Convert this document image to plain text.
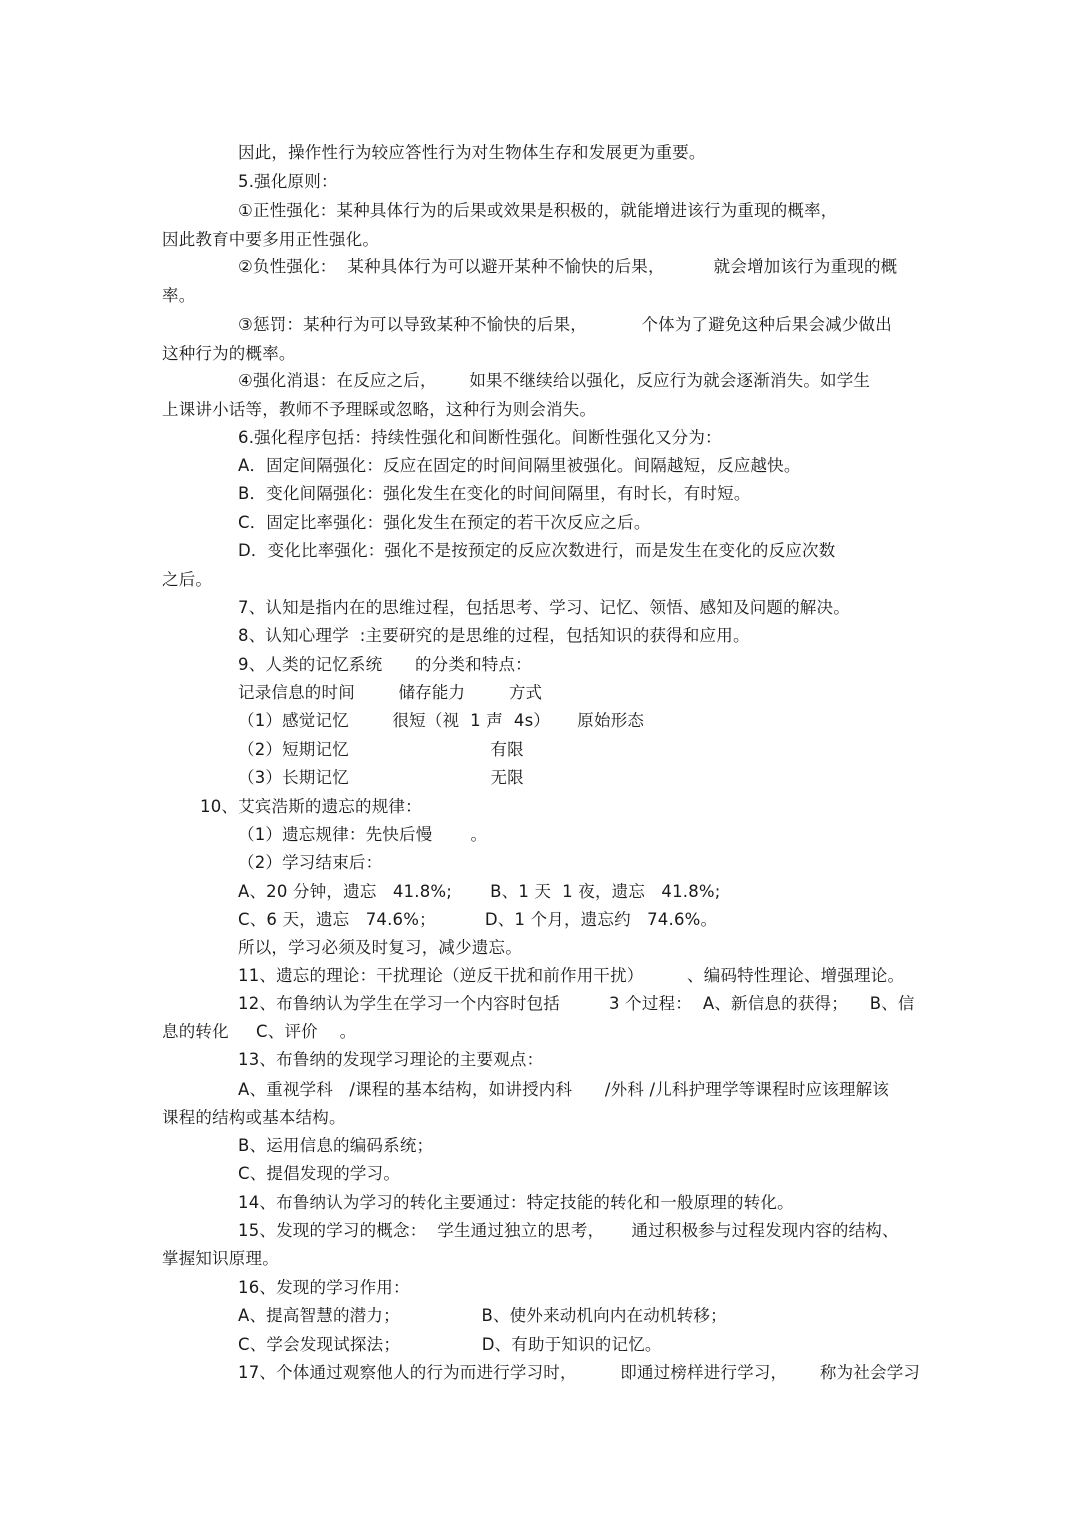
因此，操作性行为较应答性行为对生物体生存和发展更为重要。
5.强化原则：
①正性强化：某种具体行为的后果或效果是积极的，就能增进该行为重现的概率，
因此教育中要多用正性强化。
②负性强化：  某种具体行为可以避开某种不愉快的后果，         就会增加该行为重现的概
率。
③惩罚：某种行为可以导致某种不愉快的后果，          个体为了避免这种后果会减少做出
这种行为的概率。
④强化消退：在反应之后，      如果不继续给以强化，反应行为就会逐渐消失。如学生
上课讲小话等，教师不予理睬或忽略，这种行为则会消失。
6.强化程序包括：持续性强化和间断性强化。间断性强化又分为：
A．固定间隔强化：反应在固定的时间间隔里被强化。间隔越短，反应越快。
B．变化间隔强化：强化发生在变化的时间间隔里，有时长，有时短。
C．固定比率强化：强化发生在预定的若干次反应之后。
D．变化比率强化：强化不是按预定的反应次数进行，而是发生在变化的反应次数
之后。
7、认知是指内在的思维过程，包括思考、学习、记忆、领悟、感知及问题的解决。
8、认知心理学  :主要研究的是思维的过程，包括知识的获得和应用。
9、人类的记忆系统      的分类和特点：
记录信息的时间        储存能力        方式
（1）感觉记忆        很短（视  1 声  4s）     原始形态
（2）短期记忆                          有限
（3）长期记忆                          无限
10、艾宾浩斯的遗忘的规律：
（1）遗忘规律：先快后慢       。
（2）学习结束后：
A、20 分钟，遗忘   41.8%;       B、1 天  1 夜，遗忘   41.8%;
C、6 天，遗忘   74.6%；         D、1 个月，遗忘约   74.6%。
所以，学习必须及时复习，减少遗忘。
11、遗忘的理论：干扰理论（逆反干扰和前作用干扰）        、编码特性理论、增强理论。
12、布鲁纳认为学生在学习一个内容时包括         3 个过程：  A、新信息的获得；    B、信
息的转化     C、评价    。
13、布鲁纳的发现学习理论的主要观点：
A、重视学科   /课程的基本结构，如讲授内科      /外科 /儿科护理学等课程时应该理解该
课程的结构或基本结构。
B、运用信息的编码系统；
C、提倡发现的学习。
14、布鲁纳认为学习的转化主要通过：特定技能的转化和一般原理的转化。
15、发现的学习的概念：  学生通过独立的思考，     通过积极参与过程发现内容的结构、
掌握知识原理。
16、发现的学习作用：
A、提高智慧的潜力；               B、使外来动机向内在动机转移；
C、学会发现试探法；               D、有助于知识的记忆。
17、个体通过观察他人的行为而进行学习时，        即通过榜样进行学习，      称为社会学习
